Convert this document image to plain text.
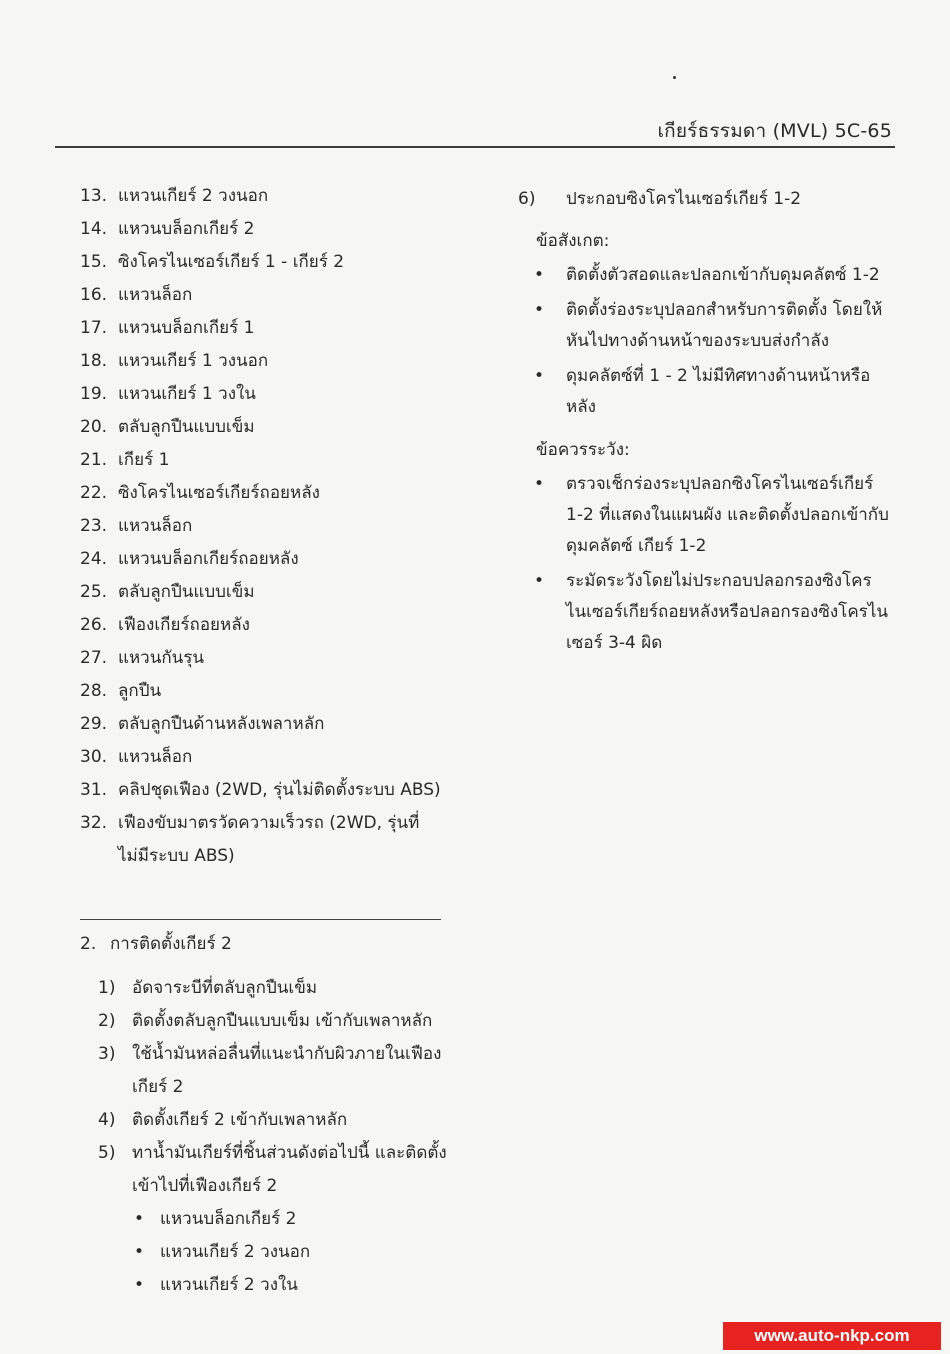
เกียร์ธรรมดา (MVL) 5C-65
13. แหวนเกียร์ 2 วงนอก
14. แหวนบล็อกเกียร์ 2
15. ซิงโครไนเซอร์เกียร์ 1 - เกียร์ 2
16. แหวนล็อก
17. แหวนบล็อกเกียร์ 1
18. แหวนเกียร์ 1 วงนอก
19. แหวนเกียร์ 1 วงใน
20. ตลับลูกปืนแบบเข็ม
21. เกียร์ 1
22. ซิงโครไนเซอร์เกียร์ถอยหลัง
23. แหวนล็อก
24. แหวนบล็อกเกียร์ถอยหลัง
25. ตลับลูกปืนแบบเข็ม
26. เฟืองเกียร์ถอยหลัง
27. แหวนกันรุน
28. ลูกปืน
29. ตลับลูกปืนด้านหลังเพลาหลัก
30. แหวนล็อก
31. คลิปชุดเฟือง (2WD, รุ่นไม่ติดตั้งระบบ ABS)
32. เฟืองขับมาตรวัดความเร็วรถ (2WD, รุ่นที่ไม่มีระบบ ABS)
2. การติดตั้งเกียร์ 2
1) อัดจาระบีที่ตลับลูกปืนเข็ม
2) ติดตั้งตลับลูกปืนแบบเข็ม เข้ากับเพลาหลัก
3) ใช้น้ำมันหล่อลื่นที่แนะนำกับผิวภายในเฟืองเกียร์ 2
4) ติดตั้งเกียร์ 2 เข้ากับเพลาหลัก
5) ทาน้ำมันเกียร์ที่ชิ้นส่วนดังต่อไปนี้ และติดตั้งเข้าไปที่เฟืองเกียร์ 2
• แหวนบล็อกเกียร์ 2
• แหวนเกียร์ 2 วงนอก
• แหวนเกียร์ 2 วงใน
6)	ประกอบซิงโครไนเซอร์เกียร์ 1-2
ข้อสังเกต:
•	ติดตั้งตัวสอดและปลอกเข้ากับดุมคลัตซ์ 1-2
•	ติดตั้งร่องระบุปลอกสำหรับการติดตั้ง โดยให้หันไปทางด้านหน้าของระบบส่งกำลัง
•	ดุมคลัตซ์ที่ 1 - 2 ไม่มีทิศทางด้านหน้าหรือหลัง
ข้อควรระวัง:
•	ตรวจเช็กร่องระบุปลอกซิงโครไนเซอร์เกียร์ 1-2 ที่แสดงในแผนผัง และติดตั้งปลอกเข้ากับดุมคลัตซ์ เกียร์ 1-2
•	ระมัดระวังโดยไม่ประกอบปลอกรองซิงโครไนเซอร์เกียร์ถอยหลังหรือปลอกรองซิงโครไนเซอร์ 3-4 ผิด
www.auto-nkp.com
